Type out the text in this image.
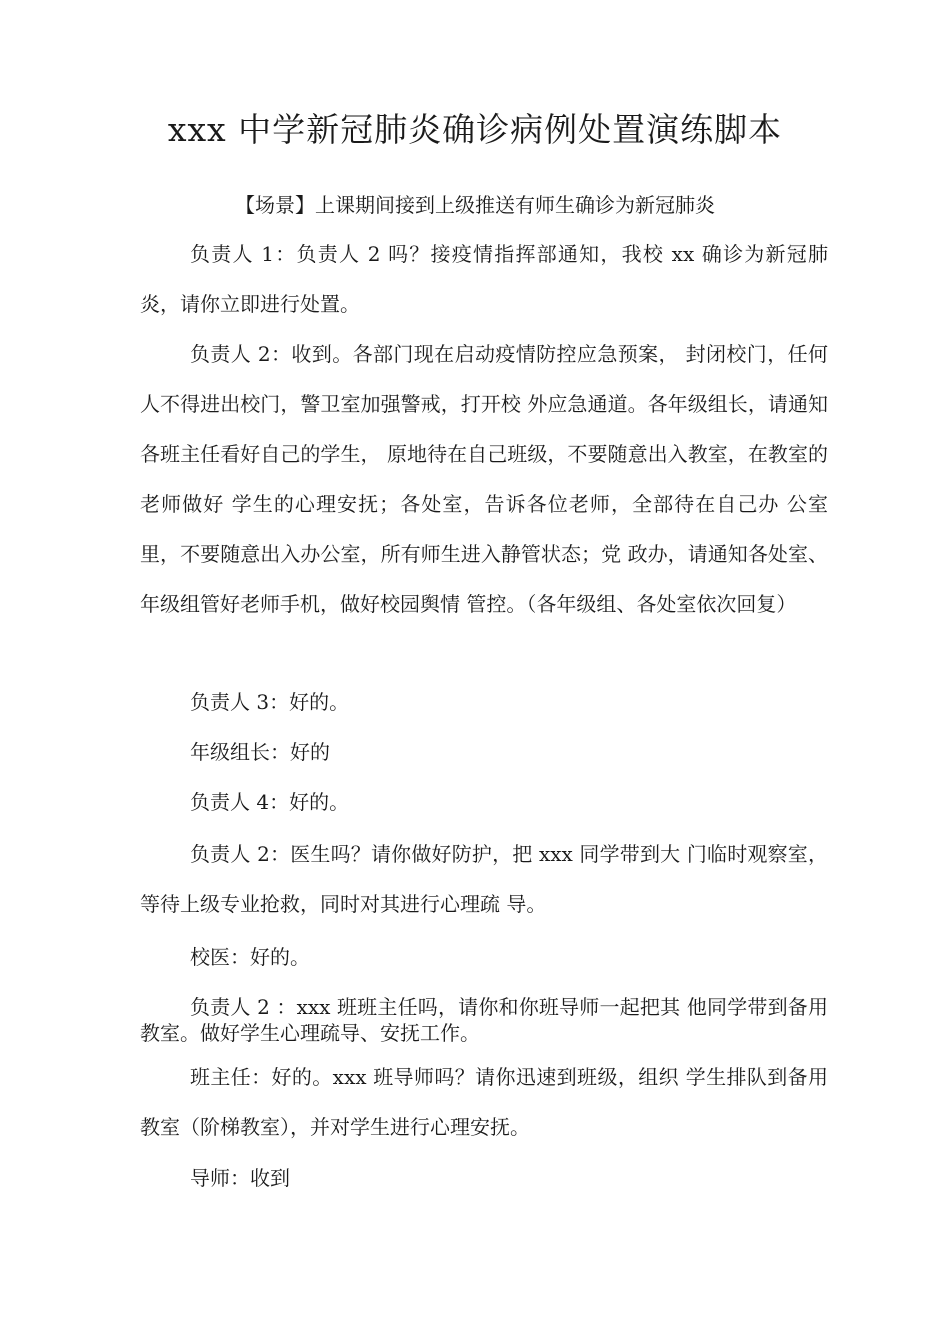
xxx 中学新冠肺炎确诊病例处置演练脚本

【场景】上课期间接到上级推送有师生确诊为新冠肺炎

负责人 1：负责人 2 吗？接疫情指挥部通知，我校 xx 确诊为新冠肺炎，请你立即进行处置。

负责人 2：收到。各部门现在启动疫情防控应急预案， 封闭校门，任何人不得进出校门，警卫室加强警戒，打开校 外应急通道。各年级组长，请通知各班主任看好自己的学生， 原地待在自己班级，不要随意出入教室，在教室的老师做好 学生的心理安抚；各处室，告诉各位老师，全部待在自己办 公室里，不要随意出入办公室，所有师生进入静管状态；党 政办，请通知各处室、年级组管好老师手机，做好校园舆情 管控。（各年级组、各处室依次回复）

负责人 3：好的。

年级组长：好的

负责人 4：好的。

负责人 2：医生吗？请你做好防护，把 xxx 同学带到大 门临时观察室，等待上级专业抢救，同时对其进行心理疏 导。

校医：好的。

负责人 2 ：xxx 班班主任吗，请你和你班导师一起把其 他同学带到备用教室。做好学生心理疏导、安抚工作。

班主任：好的。xxx 班导师吗？请你迅速到班级，组织 学生排队到备用教室（阶梯教室），并对学生进行心理安抚。

导师：收到
